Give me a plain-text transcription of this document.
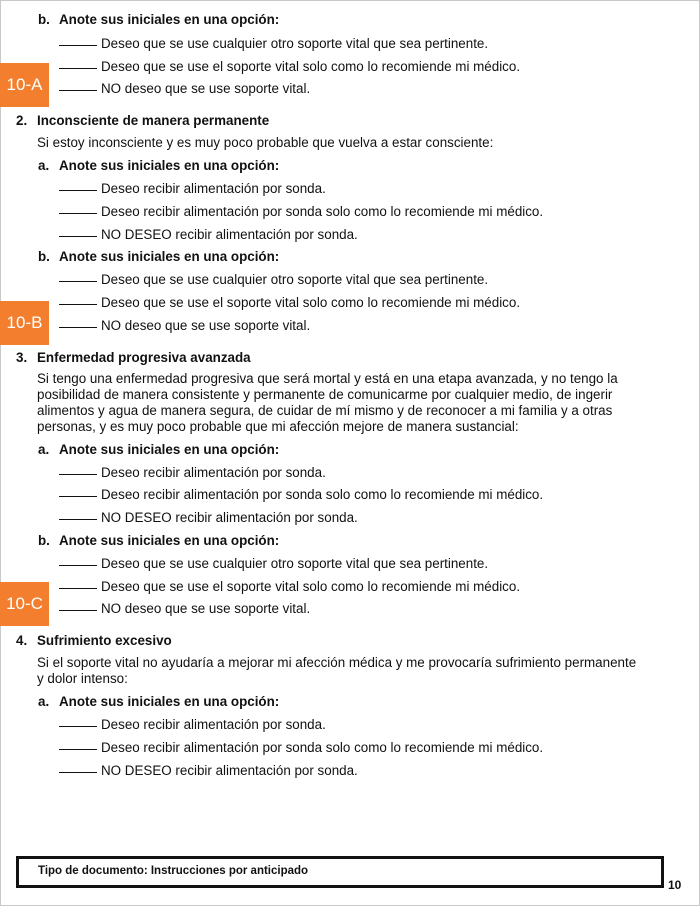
b. Anote sus iniciales en una opción:
Deseo que se use cualquier otro soporte vital que sea pertinente.
Deseo que se use el soporte vital solo como lo recomiende mi médico.
NO deseo que se use soporte vital.
10-A
2. Inconsciente de manera permanente
Si estoy inconsciente y es muy poco probable que vuelva a estar consciente:
a. Anote sus iniciales en una opción:
Deseo recibir alimentación por sonda.
Deseo recibir alimentación por sonda solo como lo recomiende mi médico.
NO DESEO recibir alimentación por sonda.
b. Anote sus iniciales en una opción:
Deseo que se use cualquier otro soporte vital que sea pertinente.
Deseo que se use el soporte vital solo como lo recomiende mi médico.
NO deseo que se use soporte vital.
10-B
3. Enfermedad progresiva avanzada
Si tengo una enfermedad progresiva que será mortal y está en una etapa avanzada, y no tengo la posibilidad de manera consistente y permanente de comunicarme por cualquier medio, de ingerir alimentos y agua de manera segura, de cuidar de mí mismo y de reconocer a mi familia y a otras personas, y es muy poco probable que mi afección mejore de manera sustancial:
a. Anote sus iniciales en una opción:
Deseo recibir alimentación por sonda.
Deseo recibir alimentación por sonda solo como lo recomiende mi médico.
NO DESEO recibir alimentación por sonda.
b. Anote sus iniciales en una opción:
Deseo que se use cualquier otro soporte vital que sea pertinente.
Deseo que se use el soporte vital solo como lo recomiende mi médico.
NO deseo que se use soporte vital.
10-C
4. Sufrimiento excesivo
Si el soporte vital no ayudaría a mejorar mi afección médica y me provocaría sufrimiento permanente y dolor intenso:
a. Anote sus iniciales en una opción:
Deseo recibir alimentación por sonda.
Deseo recibir alimentación por sonda solo como lo recomiende mi médico.
NO DESEO recibir alimentación por sonda.
Tipo de documento: Instrucciones por anticipado
10
